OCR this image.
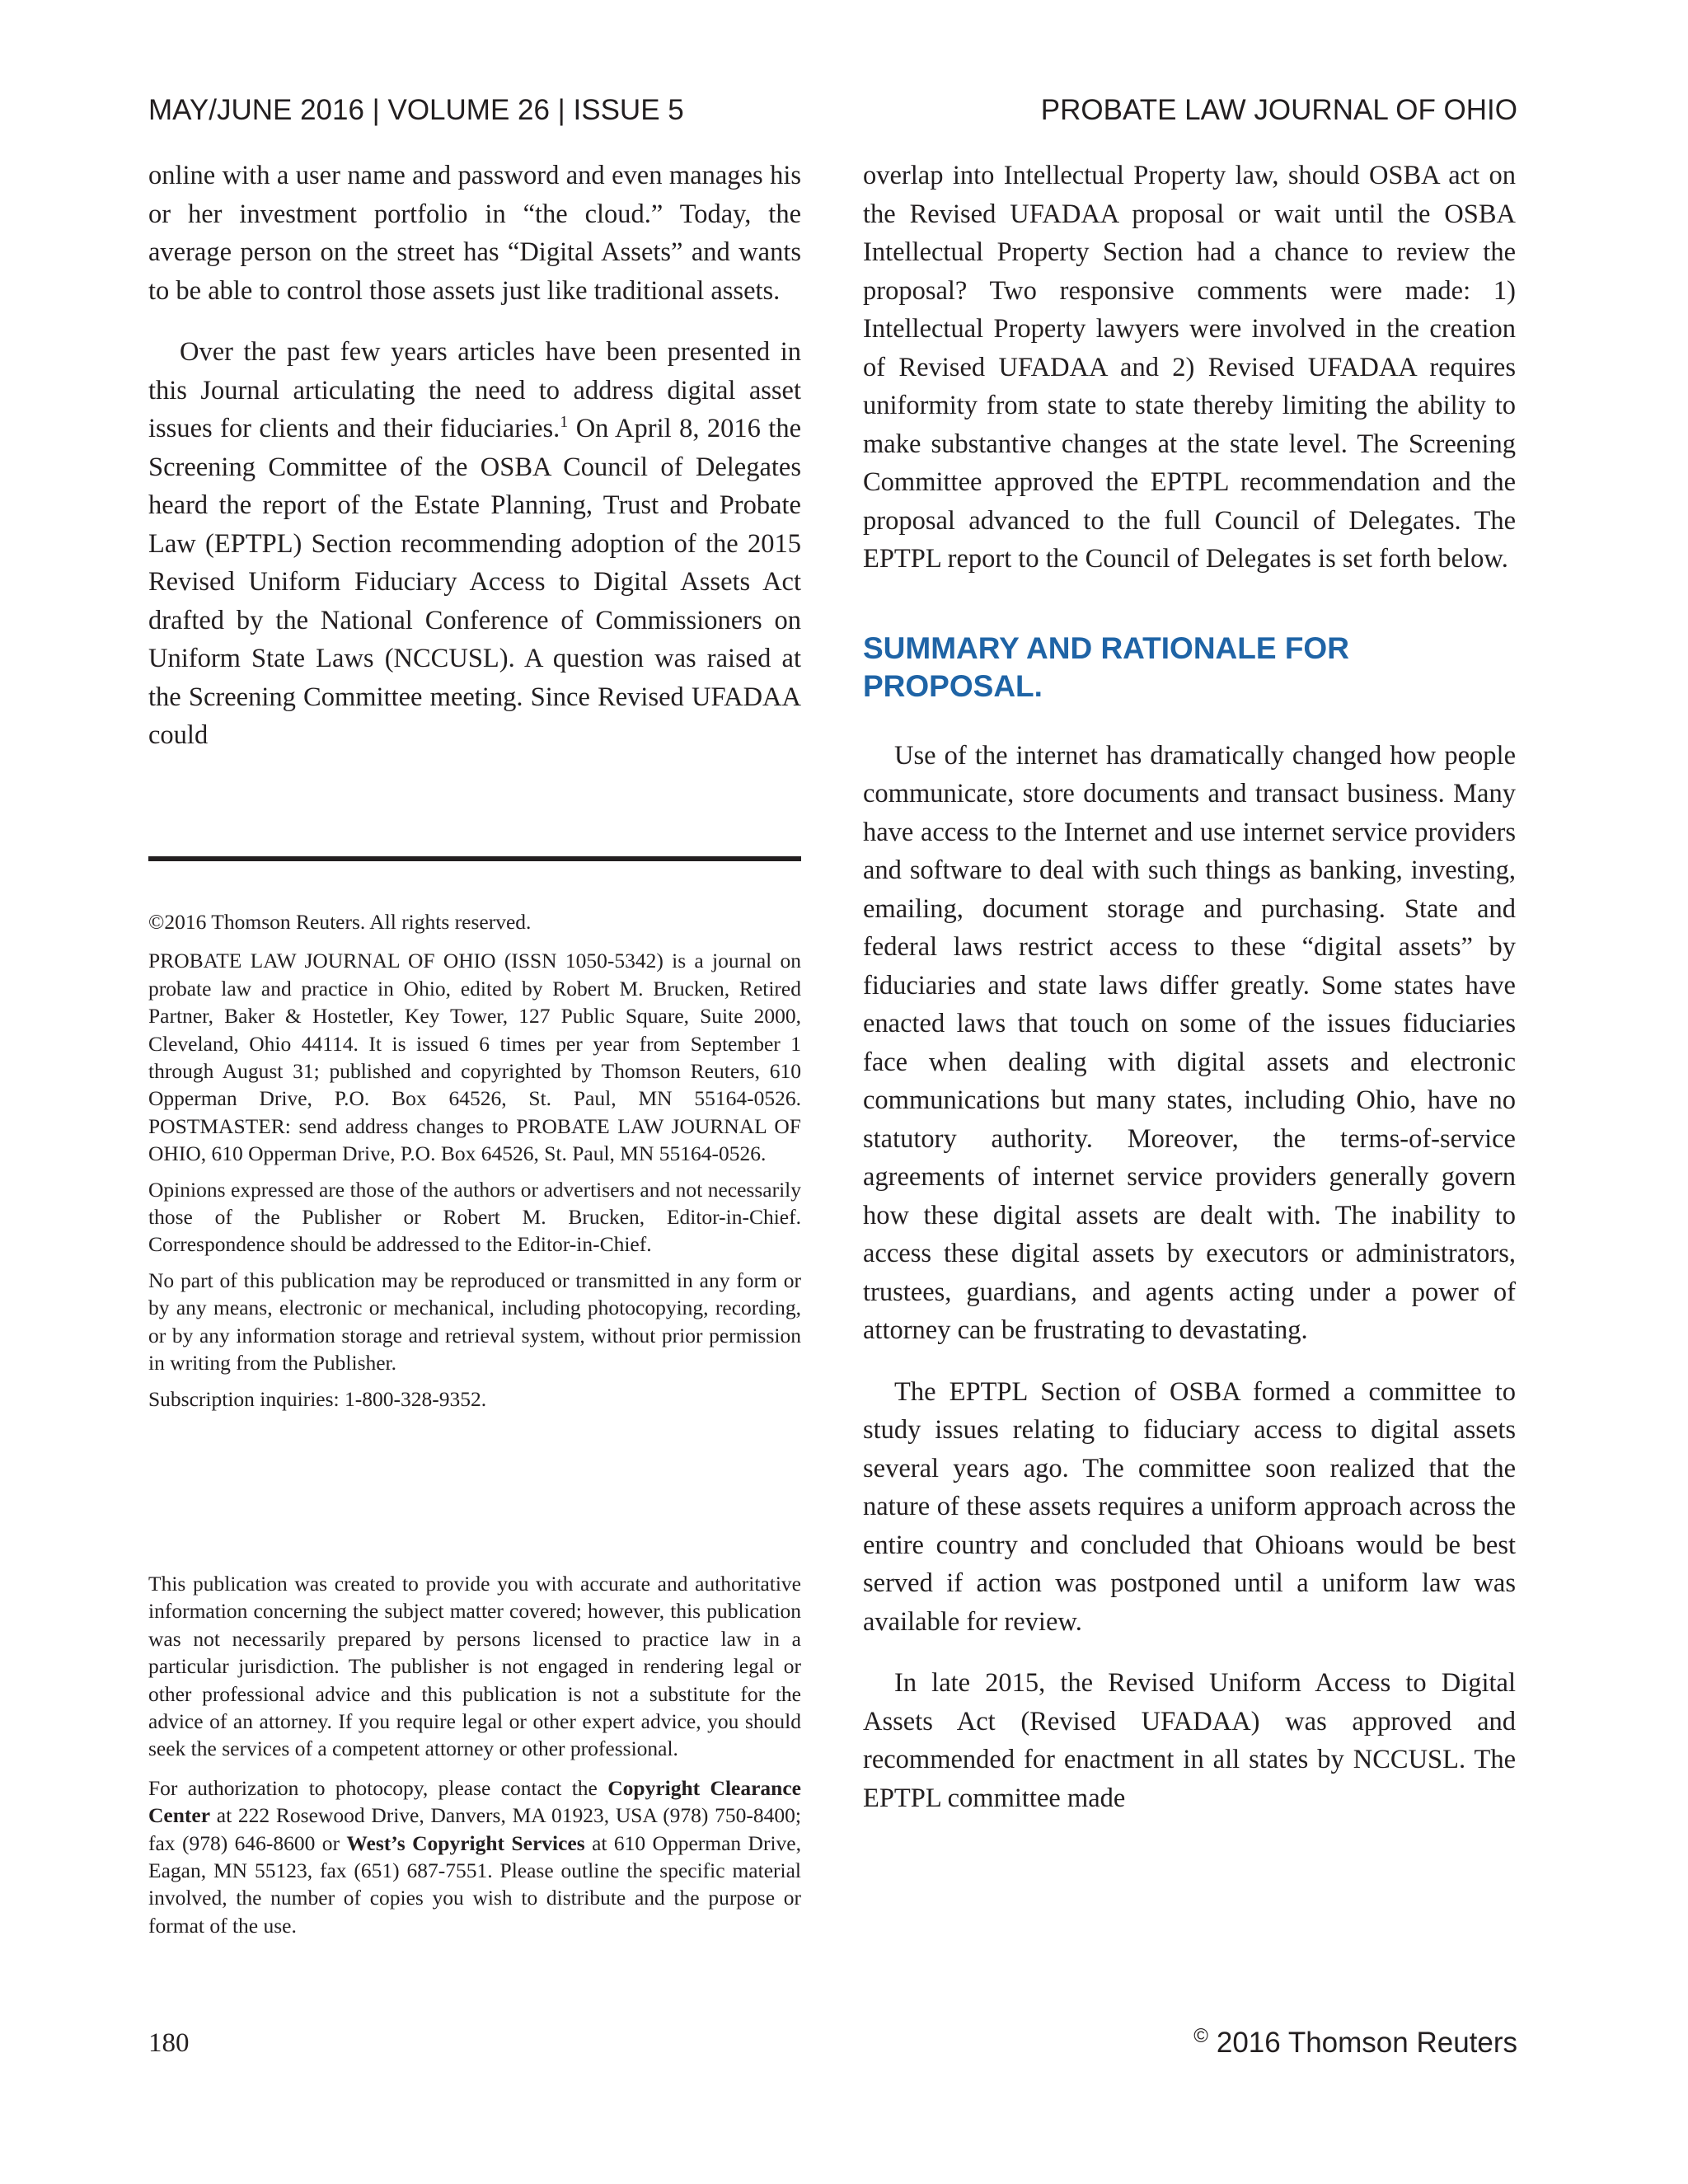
MAY/JUNE 2016 | VOLUME 26 | ISSUE 5	PROBATE LAW JOURNAL OF OHIO

online with a user name and password and even manages his or her investment portfolio in “the cloud.” Today, the average person on the street has “Digital Assets” and wants to be able to control those assets just like traditional assets.

Over the past few years articles have been presented in this Journal articulating the need to address digital asset issues for clients and their fiduciaries.$^1$ On April 8, 2016 the Screening Committee of the OSBA Council of Delegates heard the report of the Estate Planning, Trust and Probate Law (EPTPL) Section recommending adoption of the 2015 Revised Uniform Fiduciary Access to Digital Assets Act drafted by the National Conference of Commissioners on Uniform State Laws (NCCUSL). A question was raised at the Screening Committee meeting. Since Revised UFADAA could

©2016 Thomson Reuters. All rights reserved.

PROBATE LAW JOURNAL OF OHIO (ISSN 1050-5342) is a journal on probate law and practice in Ohio, edited by Robert M. Brucken, Retired Partner, Baker & Hostetler, Key Tower, 127 Public Square, Suite 2000, Cleveland, Ohio 44114. It is issued 6 times per year from September 1 through August 31; published and copyrighted by Thomson Reuters, 610 Opperman Drive, P.O. Box 64526, St. Paul, MN 55164-0526. POSTMASTER: send address changes to PROBATE LAW JOURNAL OF OHIO, 610 Opperman Drive, P.O. Box 64526, St. Paul, MN 55164-0526.

Opinions expressed are those of the authors or advertisers and not necessarily those of the Publisher or Robert M. Brucken, Editor-in-Chief. Correspondence should be addressed to the Editor-in-Chief.

No part of this publication may be reproduced or transmitted in any form or by any means, electronic or mechanical, including photocopying, recording, or by any information storage and retrieval system, without prior permission in writing from the Publisher.

Subscription inquiries: 1-800-328-9352.

This publication was created to provide you with accurate and authoritative information concerning the subject matter covered; however, this publication was not necessarily prepared by persons licensed to practice law in a particular jurisdiction. The publisher is not engaged in rendering legal or other professional advice and this publication is not a substitute for the advice of an attorney. If you require legal or other expert advice, you should seek the services of a competent attorney or other professional.

For authorization to photocopy, please contact the Copyright Clearance Center at 222 Rosewood Drive, Danvers, MA 01923, USA (978) 750-8400; fax (978) 646-8600 or West’s Copyright Services at 610 Opperman Drive, Eagan, MN 55123, fax (651) 687-7551. Please outline the specific material involved, the number of copies you wish to distribute and the purpose or format of the use.

overlap into Intellectual Property law, should OSBA act on the Revised UFADAA proposal or wait until the OSBA Intellectual Property Section had a chance to review the proposal? Two responsive comments were made: 1) Intellectual Property lawyers were involved in the creation of Revised UFADAA and 2) Revised UFADAA requires uniformity from state to state thereby limiting the ability to make substantive changes at the state level. The Screening Committee approved the EPTPL recommendation and the proposal advanced to the full Council of Delegates. The EPTPL report to the Council of Delegates is set forth below.

SUMMARY AND RATIONALE FOR PROPOSAL.

Use of the internet has dramatically changed how people communicate, store documents and transact business. Many have access to the Internet and use internet service providers and software to deal with such things as banking, investing, emailing, document storage and purchasing. State and federal laws restrict access to these “digital assets” by fiduciaries and state laws differ greatly. Some states have enacted laws that touch on some of the issues fiduciaries face when dealing with digital assets and electronic communications but many states, including Ohio, have no statutory authority. Moreover, the terms-of-service agreements of internet service providers generally govern how these digital assets are dealt with. The inability to access these digital assets by executors or administrators, trustees, guardians, and agents acting under a power of attorney can be frustrating to devastating.

The EPTPL Section of OSBA formed a committee to study issues relating to fiduciary access to digital assets several years ago. The committee soon realized that the nature of these assets requires a uniform approach across the entire country and concluded that Ohioans would be best served if action was postponed until a uniform law was available for review.

In late 2015, the Revised Uniform Access to Digital Assets Act (Revised UFADAA) was approved and recommended for enactment in all states by NCCUSL. The EPTPL committee made

180	© 2016 Thomson Reuters
